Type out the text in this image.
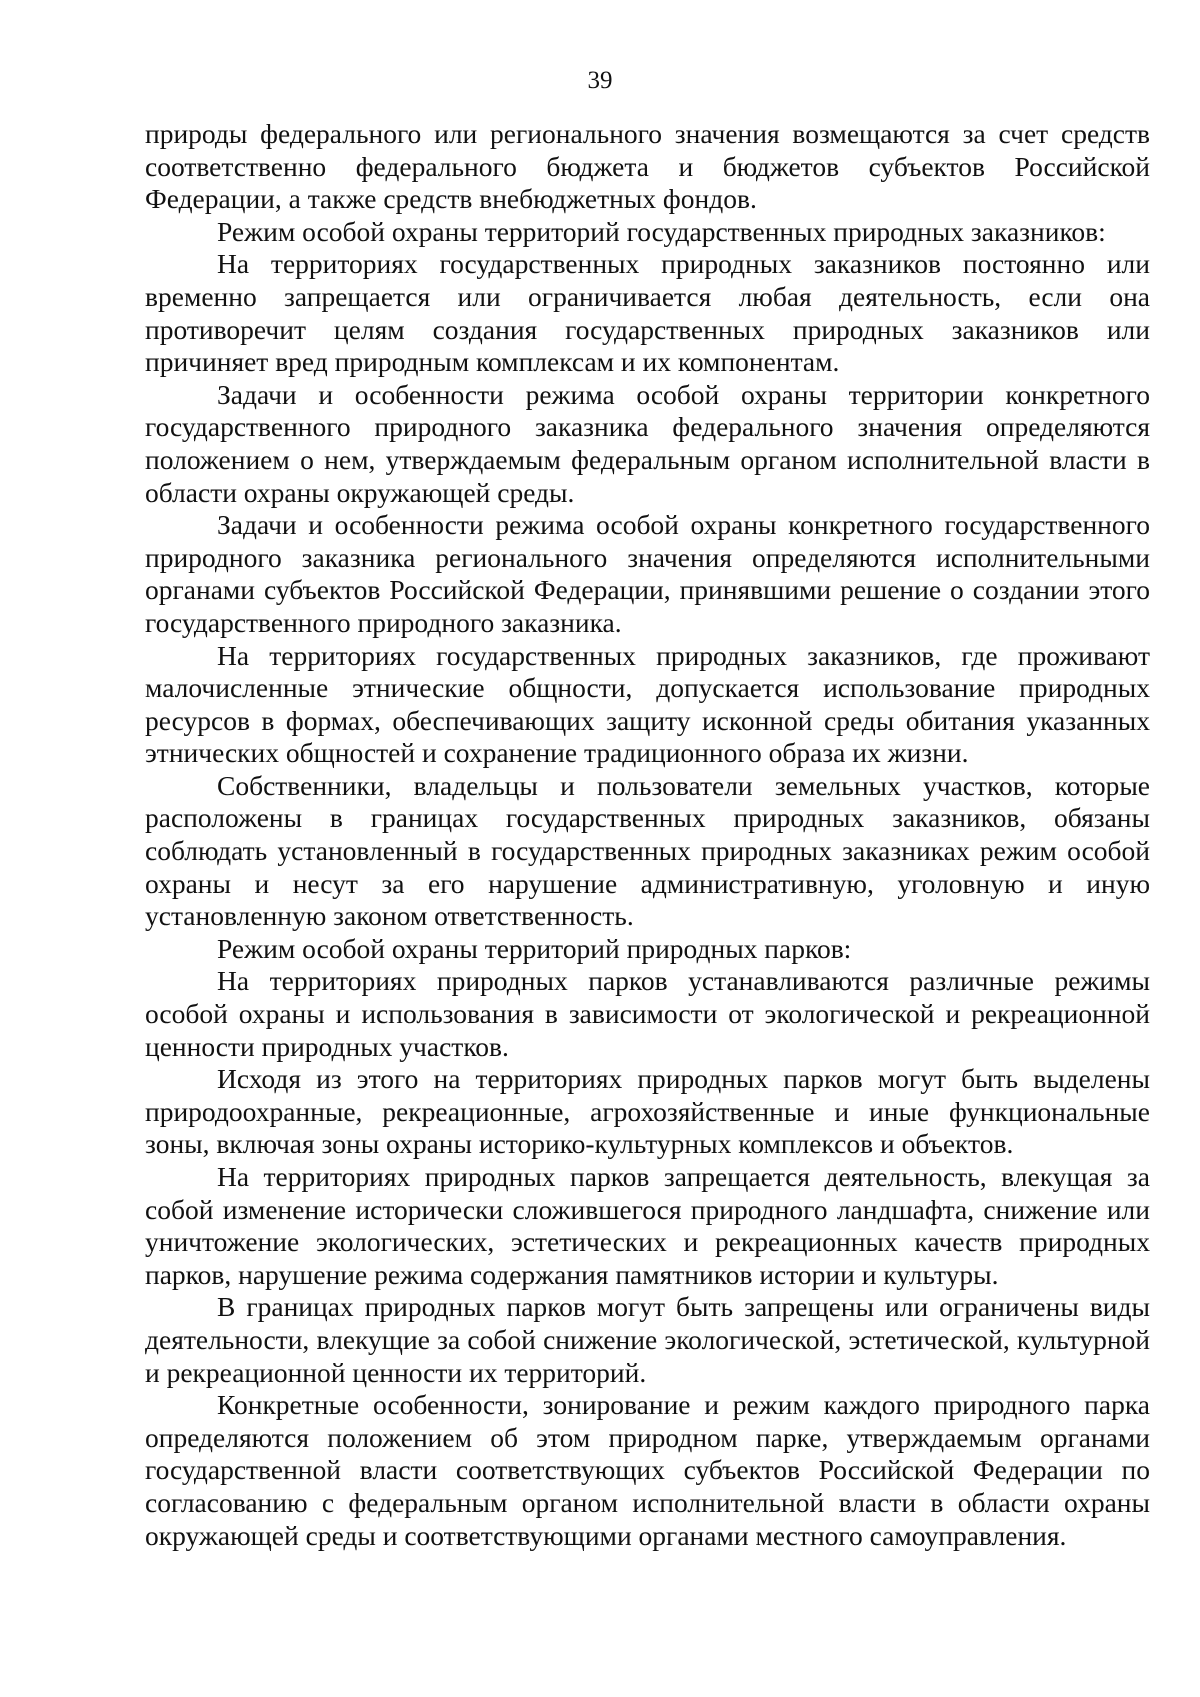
39

природы федерального или регионального значения возмещаются за счет средств соответственно федерального бюджета и бюджетов субъектов Российской Федерации, а также средств внебюджетных фондов.

Режим особой охраны территорий государственных природных заказников:

На территориях государственных природных заказников постоянно или временно запрещается или ограничивается любая деятельность, если она противоречит целям создания государственных природных заказников или причиняет вред природным комплексам и их компонентам.

Задачи и особенности режима особой охраны территории конкретного государственного природного заказника федерального значения определяются положением о нем, утверждаемым федеральным органом исполнительной власти в области охраны окружающей среды.

Задачи и особенности режима особой охраны конкретного государственного природного заказника регионального значения определяются исполнительными органами субъектов Российской Федерации, принявшими решение о создании этого государственного природного заказника.

На территориях государственных природных заказников, где проживают малочисленные этнические общности, допускается использование природных ресурсов в формах, обеспечивающих защиту исконной среды обитания указанных этнических общностей и сохранение традиционного образа их жизни.

Собственники, владельцы и пользователи земельных участков, которые расположены в границах государственных природных заказников, обязаны соблюдать установленный в государственных природных заказниках режим особой охраны и несут за его нарушение административную, уголовную и иную установленную законом ответственность.

Режим особой охраны территорий природных парков:

На территориях природных парков устанавливаются различные режимы особой охраны и использования в зависимости от экологической и рекреационной ценности природных участков.

Исходя из этого на территориях природных парков могут быть выделены природоохранные, рекреационные, агрохозяйственные и иные функциональные зоны, включая зоны охраны историко-культурных комплексов и объектов.

На территориях природных парков запрещается деятельность, влекущая за собой изменение исторически сложившегося природного ландшафта, снижение или уничтожение экологических, эстетических и рекреационных качеств природных парков, нарушение режима содержания памятников истории и культуры.

В границах природных парков могут быть запрещены или ограничены виды деятельности, влекущие за собой снижение экологической, эстетической, культурной и рекреационной ценности их территорий.

Конкретные особенности, зонирование и режим каждого природного парка определяются положением об этом природном парке, утверждаемым органами государственной власти соответствующих субъектов Российской Федерации по согласованию с федеральным органом исполнительной власти в области охраны окружающей среды и соответствующими органами местного самоуправления.
